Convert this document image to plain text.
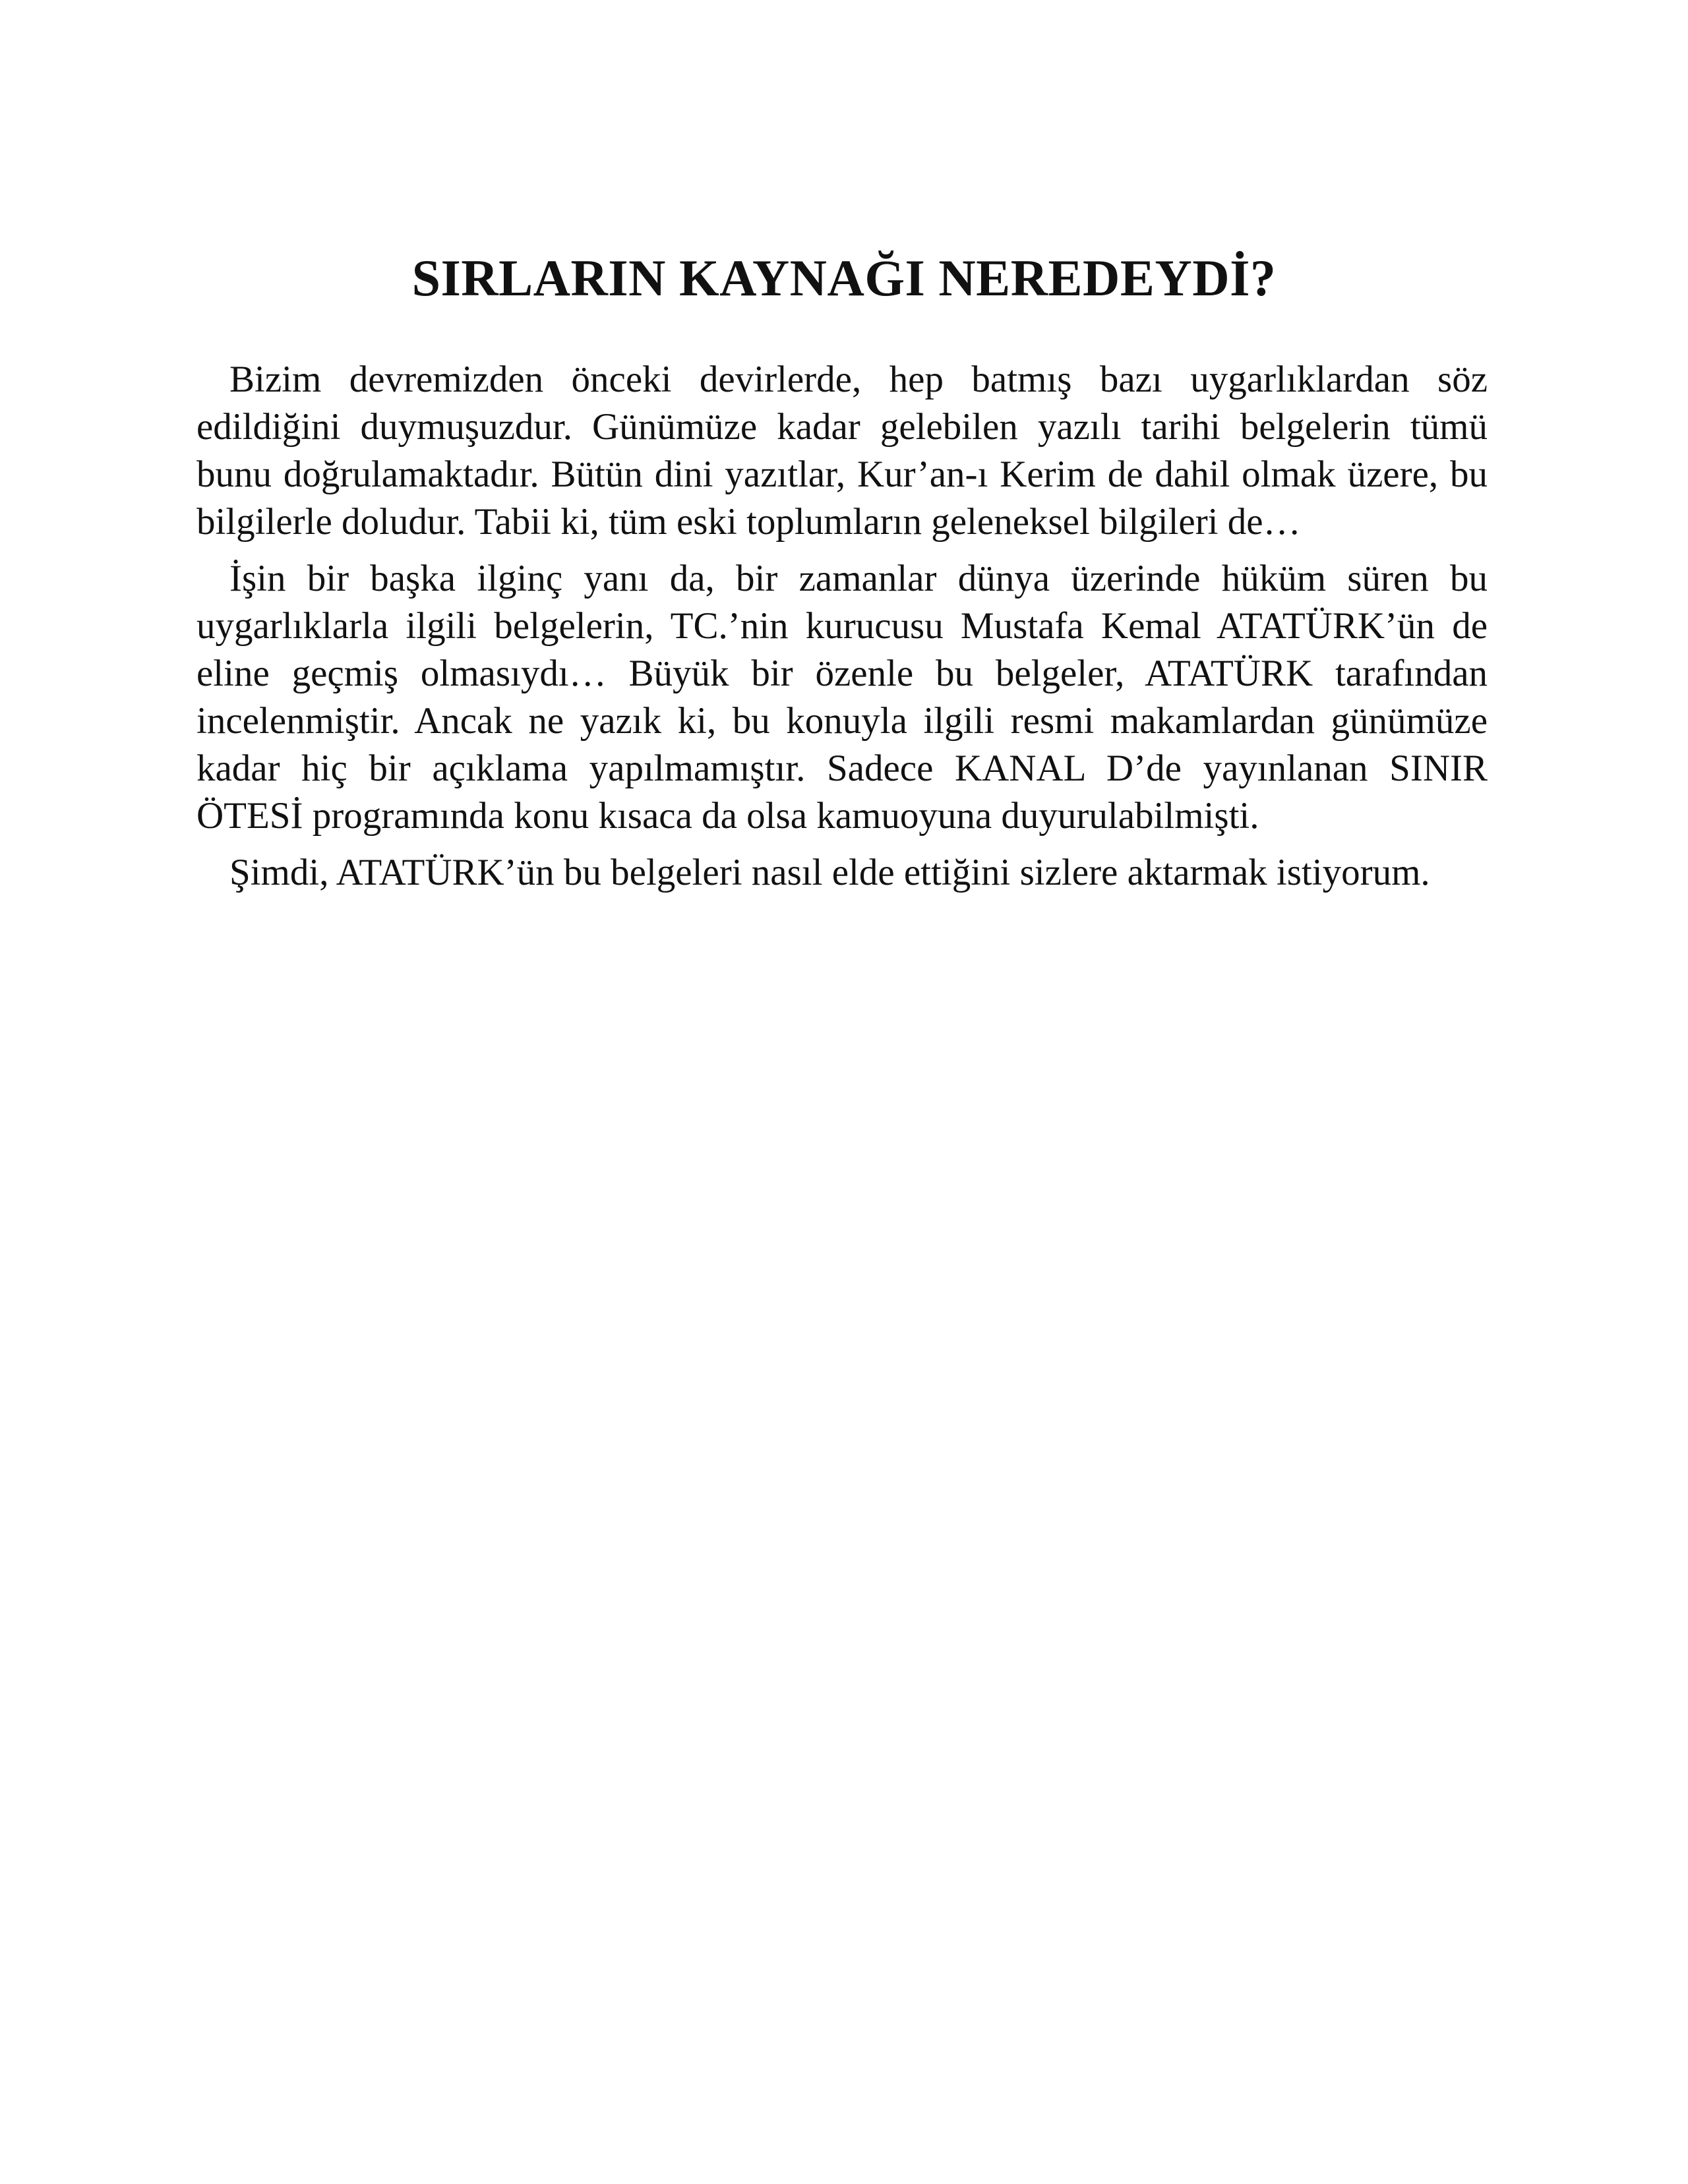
SIRLARIN KAYNAĞI NEREDEYDİ?

Bizim devremizden önceki devirlerde, hep batmış bazı uygarlıklardan söz edildiğini duymuşuzdur. Günümüze kadar gelebilen yazılı tarihi belgelerin tümü bunu doğrulamaktadır. Bütün dini yazıtlar, Kur’an-ı Kerim de dahil olmak üzere, bu bilgilerle doludur. Tabii ki, tüm eski toplumların geleneksel bilgileri de…

İşin bir başka ilginç yanı da, bir zamanlar dünya üzerinde hüküm süren bu uygarlıklarla ilgili belgelerin, TC.’nin kurucusu Mustafa Kemal ATATÜRK’ün de eline geçmiş olmasıydı… Büyük bir özenle bu belgeler, ATATÜRK tarafından incelenmiştir. Ancak ne yazık ki, bu konuyla ilgili resmi makamlardan günümüze kadar hiç bir açıklama yapılmamıştır. Sadece KANAL D’de yayınlanan SINIR ÖTESİ programında konu kısaca da olsa kamuoyuna duyurulabilmişti.

Şimdi, ATATÜRK’ün bu belgeleri nasıl elde ettiğini sizlere aktarmak istiyorum.
